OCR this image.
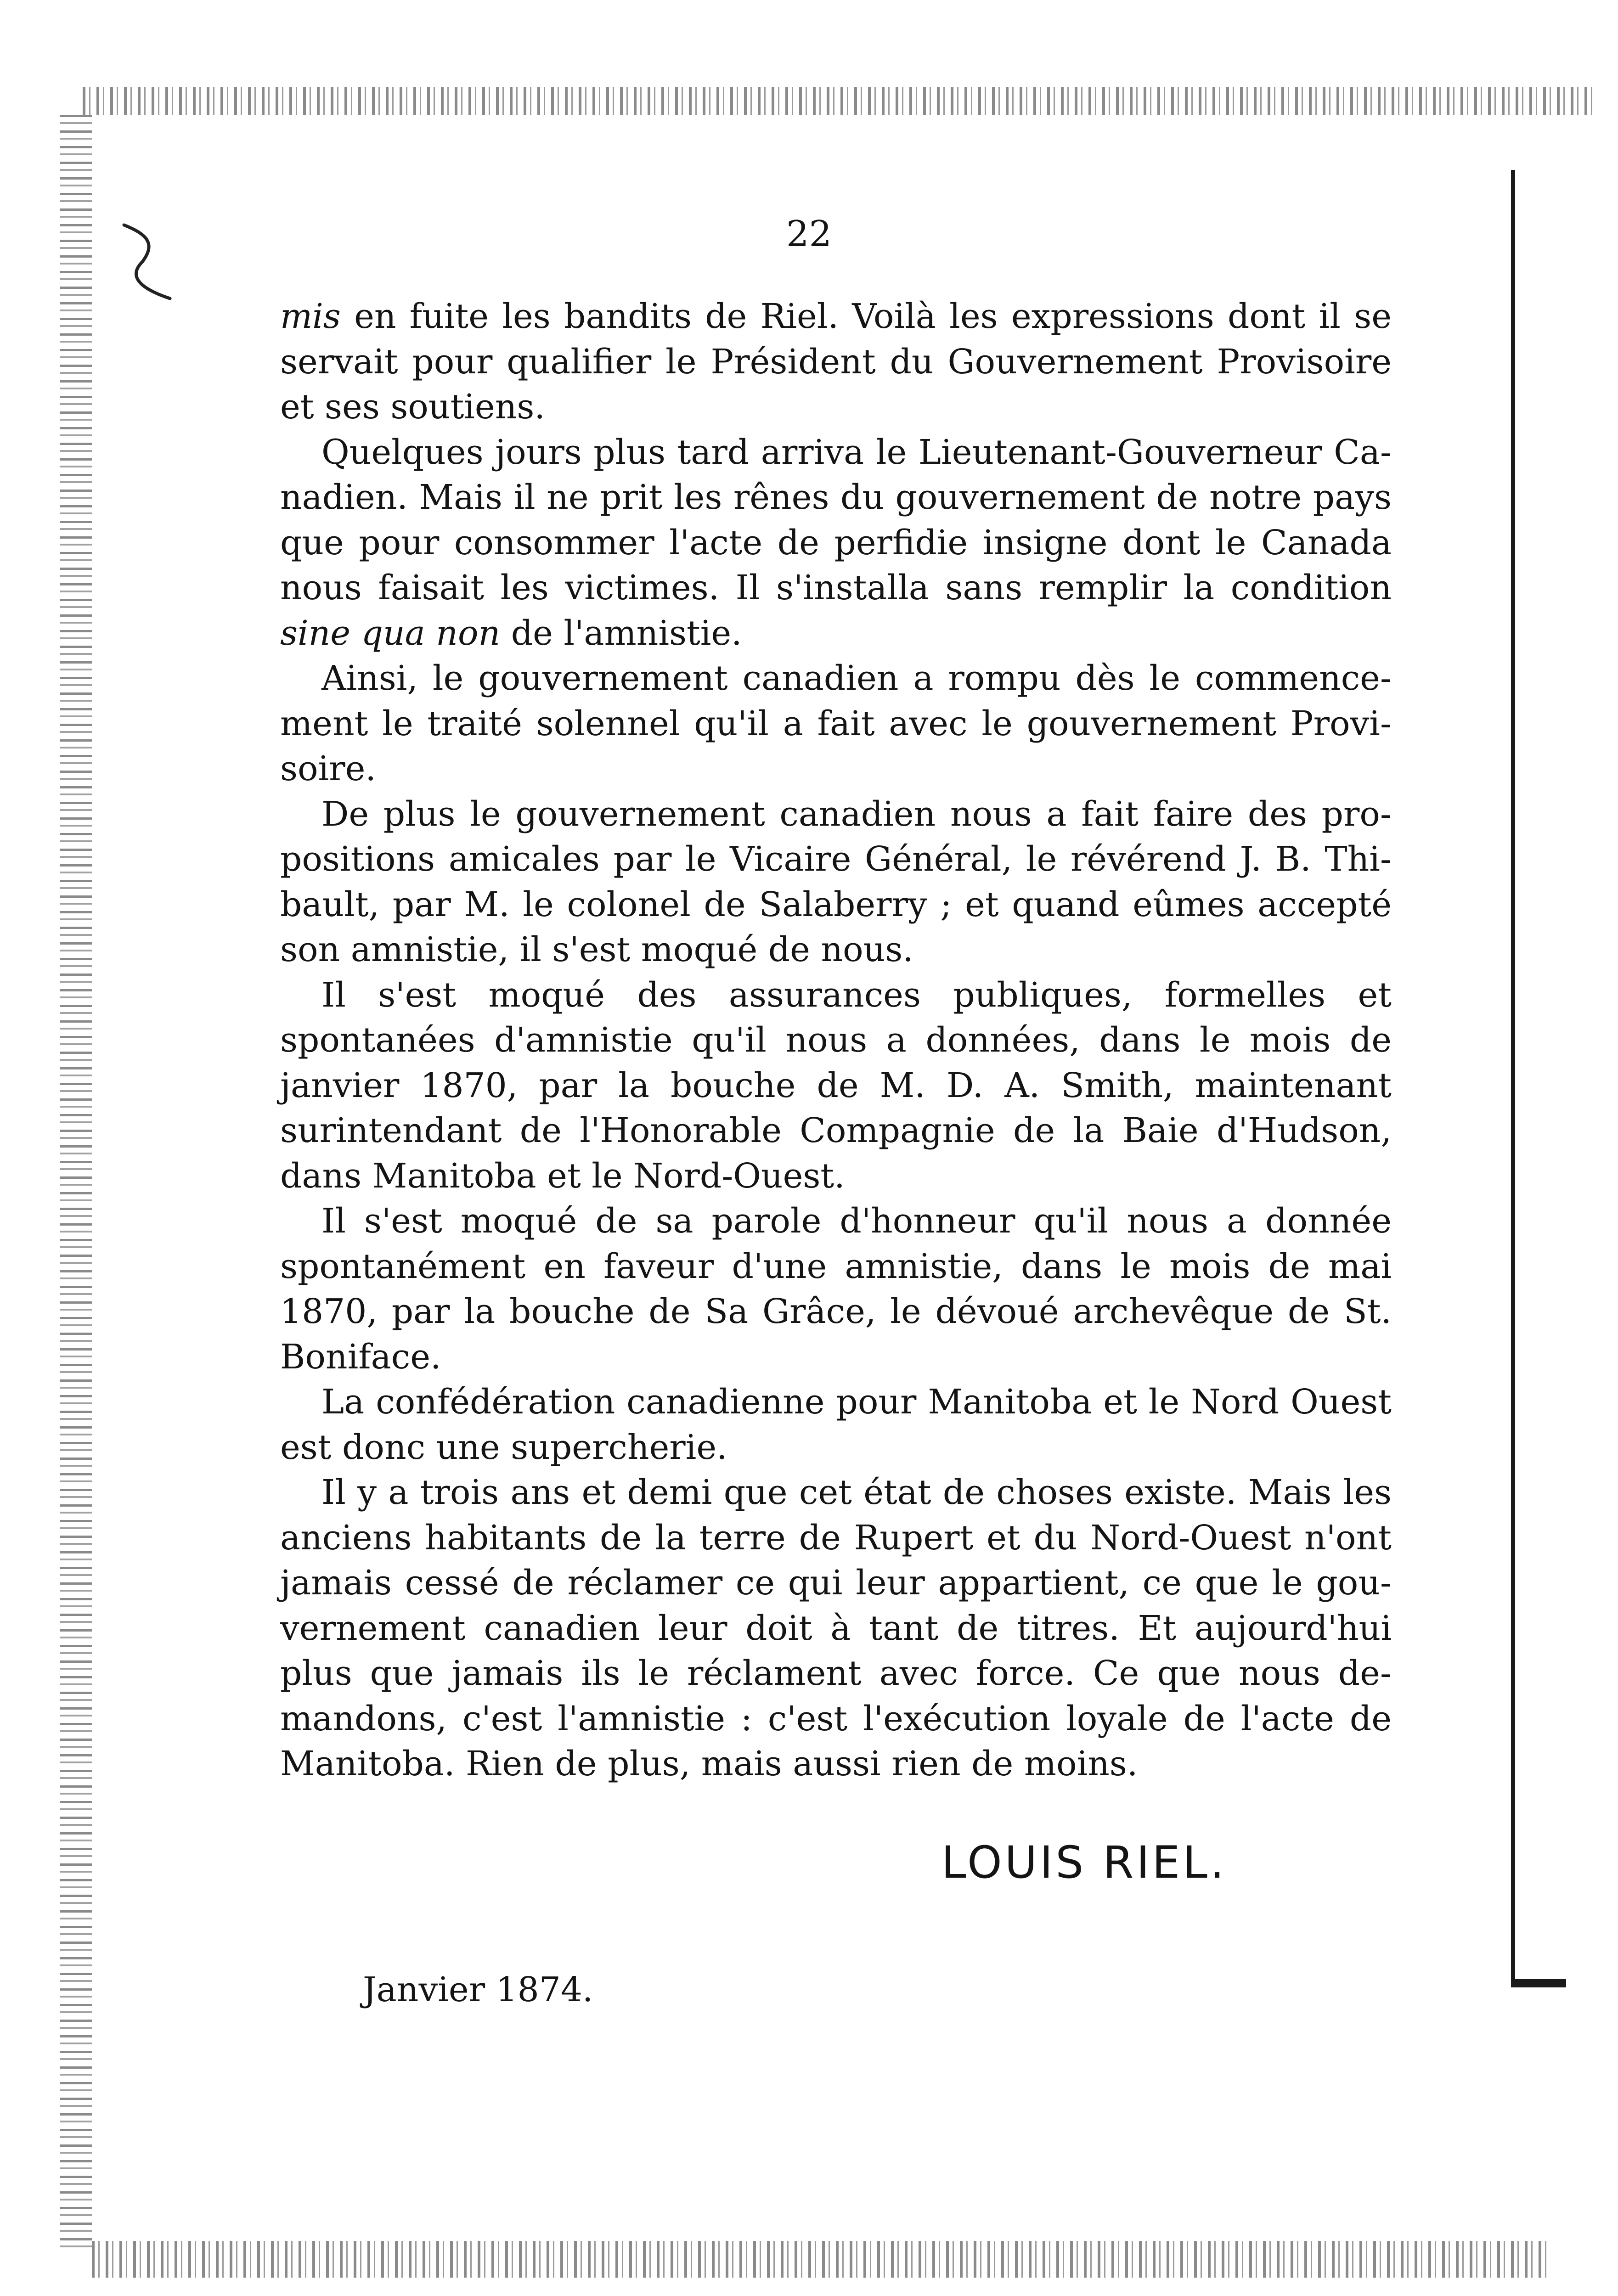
22

mis en fuite les bandits de Riel. Voilà les expressions dont il se servait pour qualifier le Président du Gouvernement Provisoire et ses soutiens.

Quelques jours plus tard arriva le Lieutenant-Gouverneur Canadien. Mais il ne prit les rênes du gouvernement de notre pays que pour consommer l'acte de perfidie insigne dont le Canada nous faisait les victimes. Il s'installa sans remplir la condition sine qua non de l'amnistie.

Ainsi, le gouvernement canadien a rompu dès le commencement le traité solennel qu'il a fait avec le gouvernement Provisoire.

De plus le gouvernement canadien nous a fait faire des propositions amicales par le Vicaire Général, le révérend J. B. Thibault, par M. le colonel de Salaberry ; et quand eûmes accepté son amnistie, il s'est moqué de nous.

Il s'est moqué des assurances publiques, formelles et spontanées d'amnistie qu'il nous a données, dans le mois de janvier 1870, par la bouche de M. D. A. Smith, maintenant surintendant de l'Honorable Compagnie de la Baie d'Hudson, dans Manitoba et le Nord-Ouest.

Il s'est moqué de sa parole d'honneur qu'il nous a donnée spontanément en faveur d'une amnistie, dans le mois de mai 1870, par la bouche de Sa Grâce, le dévoué archevêque de St. Boniface.

La confédération canadienne pour Manitoba et le Nord Ouest est donc une supercherie.

Il y a trois ans et demi que cet état de choses existe. Mais les anciens habitants de la terre de Rupert et du Nord-Ouest n'ont jamais cessé de réclamer ce qui leur appartient, ce que le gouvernement canadien leur doit à tant de titres. Et aujourd'hui plus que jamais ils le réclament avec force. Ce que nous demandons, c'est l'amnistie : c'est l'exécution loyale de l'acte de Manitoba. Rien de plus, mais aussi rien de moins.

LOUIS RIEL.
Janvier 1874.
